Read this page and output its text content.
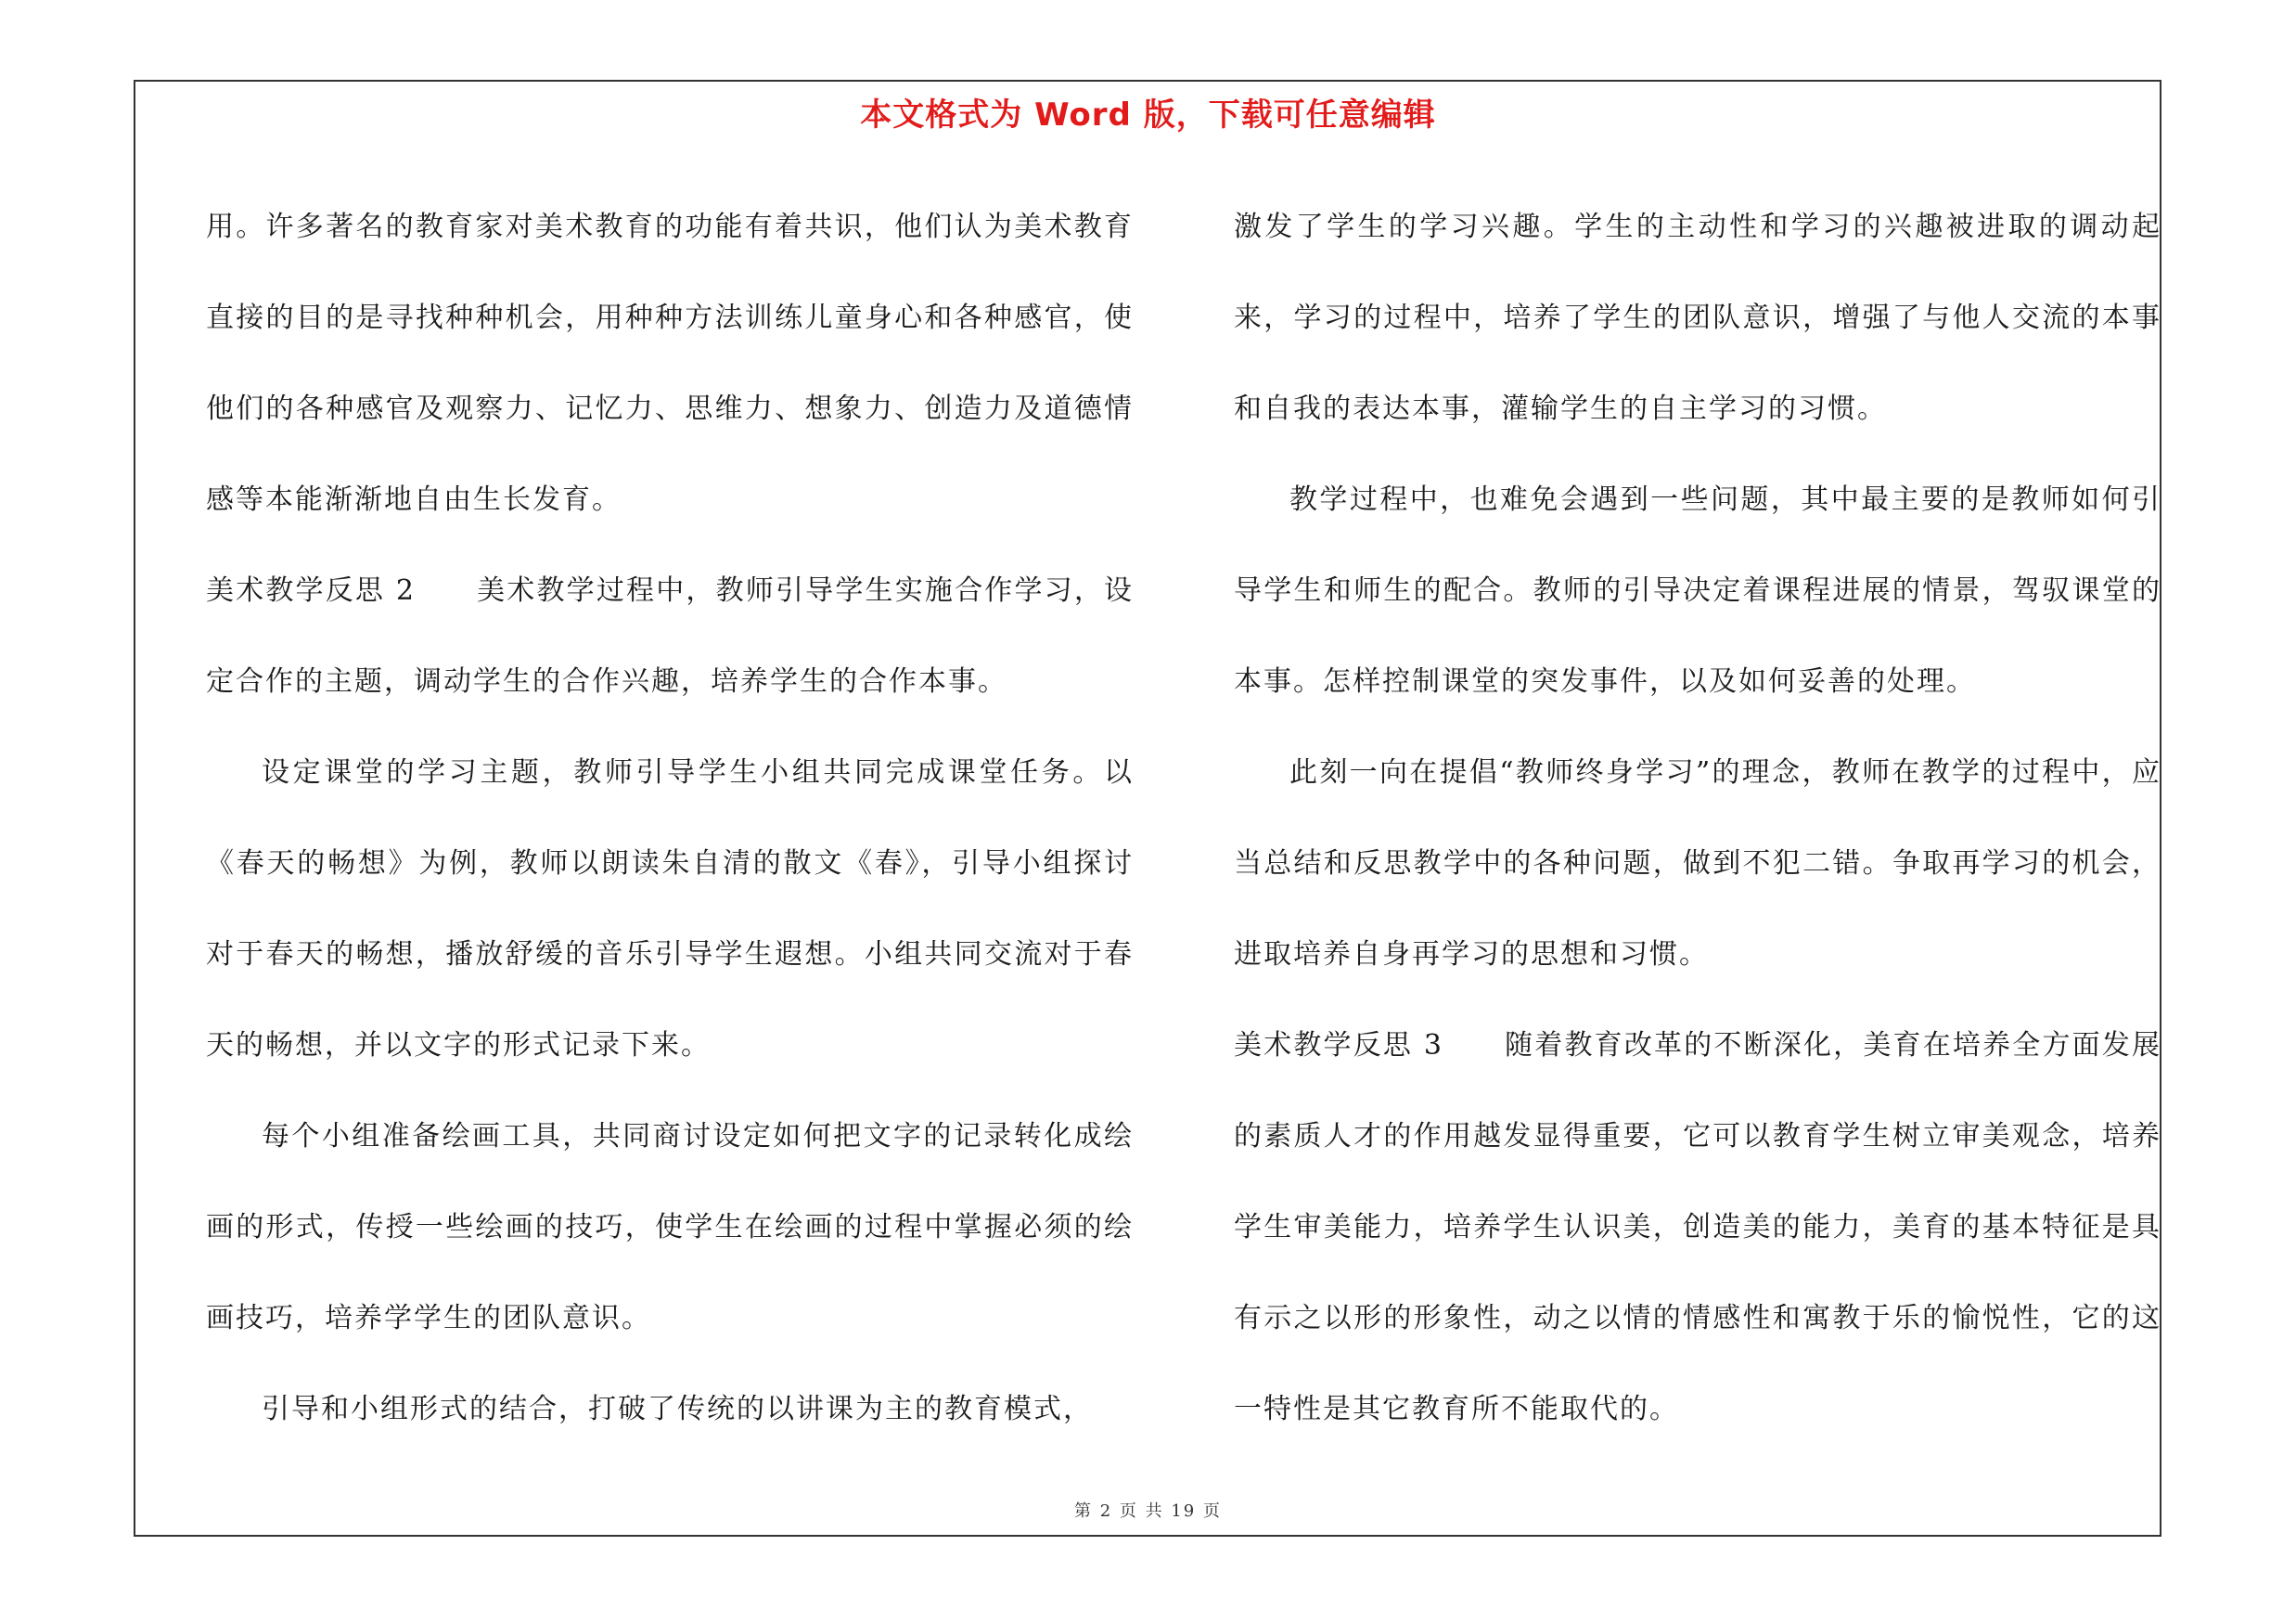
本文格式为 Word 版，下载可任意编辑

用。许多著名的教育家对美术教育的功能有着共识，他们认为美术教育直接的目的是寻找种种机会，用种种方法训练儿童身心和各种感官，使他们的各种感官及观察力、记忆力、思维力、想象力、创造力及道德情感等本能渐渐地自由生长发育。

美术教学反思 2 美术教学过程中，教师引导学生实施合作学习，设定合作的主题，调动学生的合作兴趣，培养学生的合作本事。

设定课堂的学习主题，教师引导学生小组共同完成课堂任务。以《春天的畅想》为例，教师以朗读朱自清的散文《春》，引导小组探讨对于春天的畅想，播放舒缓的音乐引导学生遐想。小组共同交流对于春天的畅想，并以文字的形式记录下来。

每个小组准备绘画工具，共同商讨设定如何把文字的记录转化成绘画的形式，传授一些绘画的技巧，使学生在绘画的过程中掌握必须的绘画技巧，培养学学生的团队意识。

引导和小组形式的结合，打破了传统的以讲课为主的教育模式，

激发了学生的学习兴趣。学生的主动性和学习的兴趣被进取的调动起来，学习的过程中，培养了学生的团队意识，增强了与他人交流的本事和自我的表达本事，灌输学生的自主学习的习惯。

教学过程中，也难免会遇到一些问题，其中最主要的是教师如何引导学生和师生的配合。教师的引导决定着课程进展的情景，驾驭课堂的本事。怎样控制课堂的突发事件，以及如何妥善的处理。

此刻一向在提倡“教师终身学习”的理念，教师在教学的过程中，应当总结和反思教学中的各种问题，做到不犯二错。争取再学习的机会，进取培养自身再学习的思想和习惯。

美术教学反思 3 随着教育改革的不断深化，美育在培养全方面发展的素质人才的作用越发显得重要，它可以教育学生树立审美观念，培养学生审美能力，培养学生认识美，创造美的能力，美育的基本特征是具有示之以形的形象性，动之以情的情感性和寓教于乐的愉悦性，它的这一特性是其它教育所不能取代的。

第 2 页 共 19 页
